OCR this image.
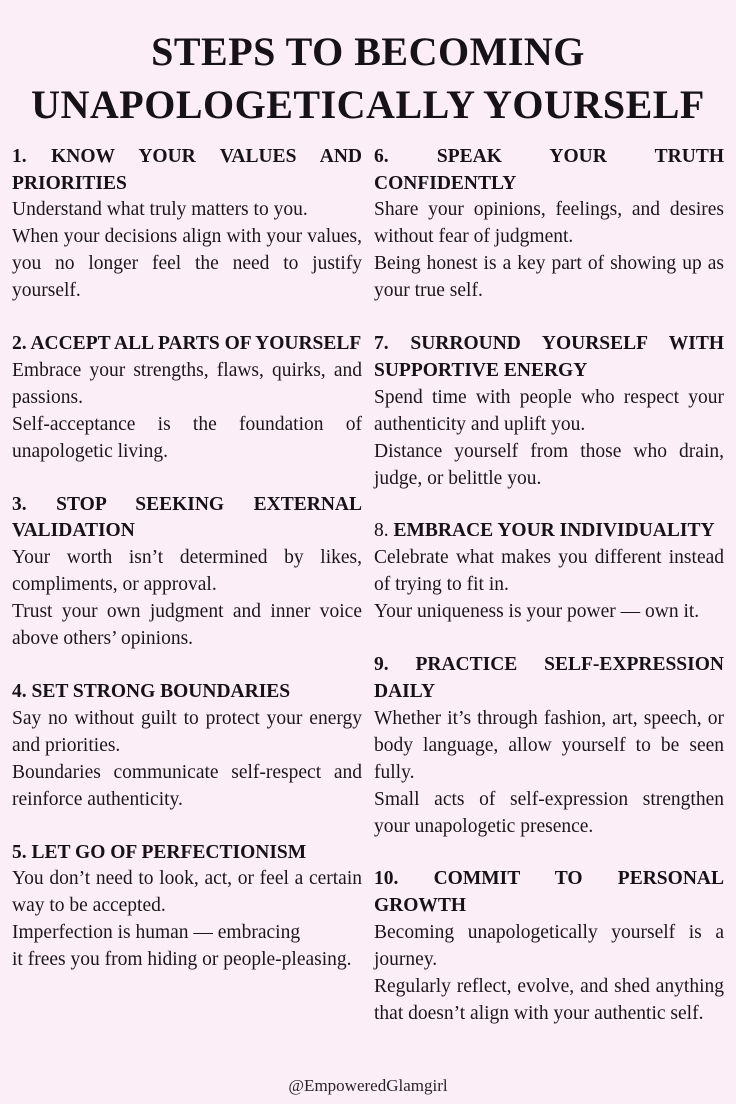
STEPS TO BECOMING
UNAPOLOGETICALLY YOURSELF
1. KNOW YOUR VALUES AND PRIORITIES

Understand what truly matters to you.

When your decisions align with your values, you no longer feel the need to justify yourself.

2. ACCEPT ALL PARTS OF YOURSELF

Embrace your strengths, flaws, quirks, and passions.

Self-acceptance is the foundation of unapologetic living.

3. STOP SEEKING EXTERNAL VALIDATION

Your worth isn’t determined by likes, compliments, or approval.

Trust your own judgment and inner voice above others’ opinions.

4. SET STRONG BOUNDARIES

Say no without guilt to protect your energy and priorities.

Boundaries communicate self-respect and reinforce authenticity.

5. LET GO OF PERFECTIONISM

You don’t need to look, act, or feel a certain way to be accepted.

Imperfection is human — embracing

it frees you from hiding or people-pleasing.

6. SPEAK YOUR TRUTH CONFIDENTLY

Share your opinions, feelings, and desires without fear of judgment.

Being honest is a key part of showing up as your true self.

7. SURROUND YOURSELF WITH SUPPORTIVE ENERGY

Spend time with people who respect your authenticity and uplift you.

Distance yourself from those who drain, judge, or belittle you.

8. EMBRACE YOUR INDIVIDUALITY

Celebrate what makes you different instead of trying to fit in.

Your uniqueness is your power — own it.

9. PRACTICE SELF-EXPRESSION DAILY

Whether it’s through fashion, art, speech, or body language, allow yourself to be seen fully.

Small acts of self-expression strengthen your unapologetic presence.

10. COMMIT TO PERSONAL GROWTH

Becoming unapologetically yourself is a journey.

Regularly reflect, evolve, and shed anything that doesn’t align with your authentic self.

@EmpoweredGlamgirl
